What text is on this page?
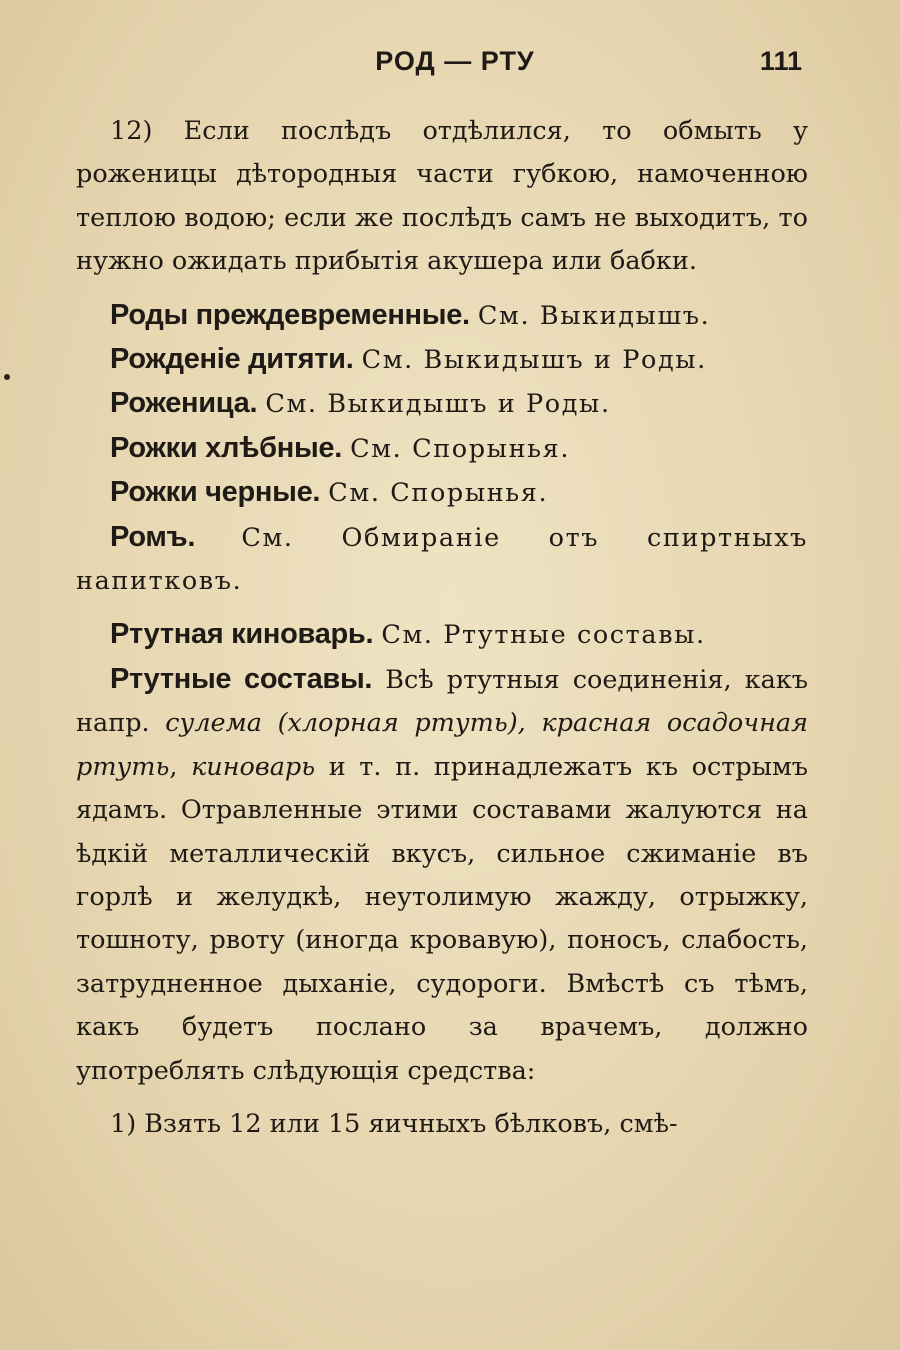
РОД — РТУ	111

12) Если послѣдъ отдѣлился, то обмыть у роженицы дѣтородныя части губкою, намоченною теплою водою; если же послѣдъ самъ не выходитъ, то нужно ожидать прибытія акушера или бабки.

Роды преждевременные. См. Выкидышъ.

Рожденіе дитяти. См. Выкидышъ и Роды.

Роженица. См. Выкидышъ и Роды.

Рожки хлѣбные. См. Спорынья.

Рожки черные. См. Спорынья.

Ромъ. См. Обмираніе отъ спиртныхъ напитковъ.

Ртутная киноварь. См. Ртутные составы.

Ртутные составы. Всѣ ртутныя соединенія, какъ напр. сулема (хлорная ртуть), красная осадочная ртуть, киноварь и т. п. принадлежатъ къ острымъ ядамъ. Отравленные этими составами жалуются на ѣдкій металлическій вкусъ, сильное сжиманіе въ горлѣ и желудкѣ, неутолимую жажду, отрыжку, тошноту, рвоту (иногда кровавую), поносъ, слабость, затрудненное дыханіе, судороги. Вмѣстѣ съ тѣмъ, какъ будетъ послано за врачемъ, должно употреблять слѣдующія средства:

1) Взять 12 или 15 яичныхъ бѣлковъ, смѣ-
